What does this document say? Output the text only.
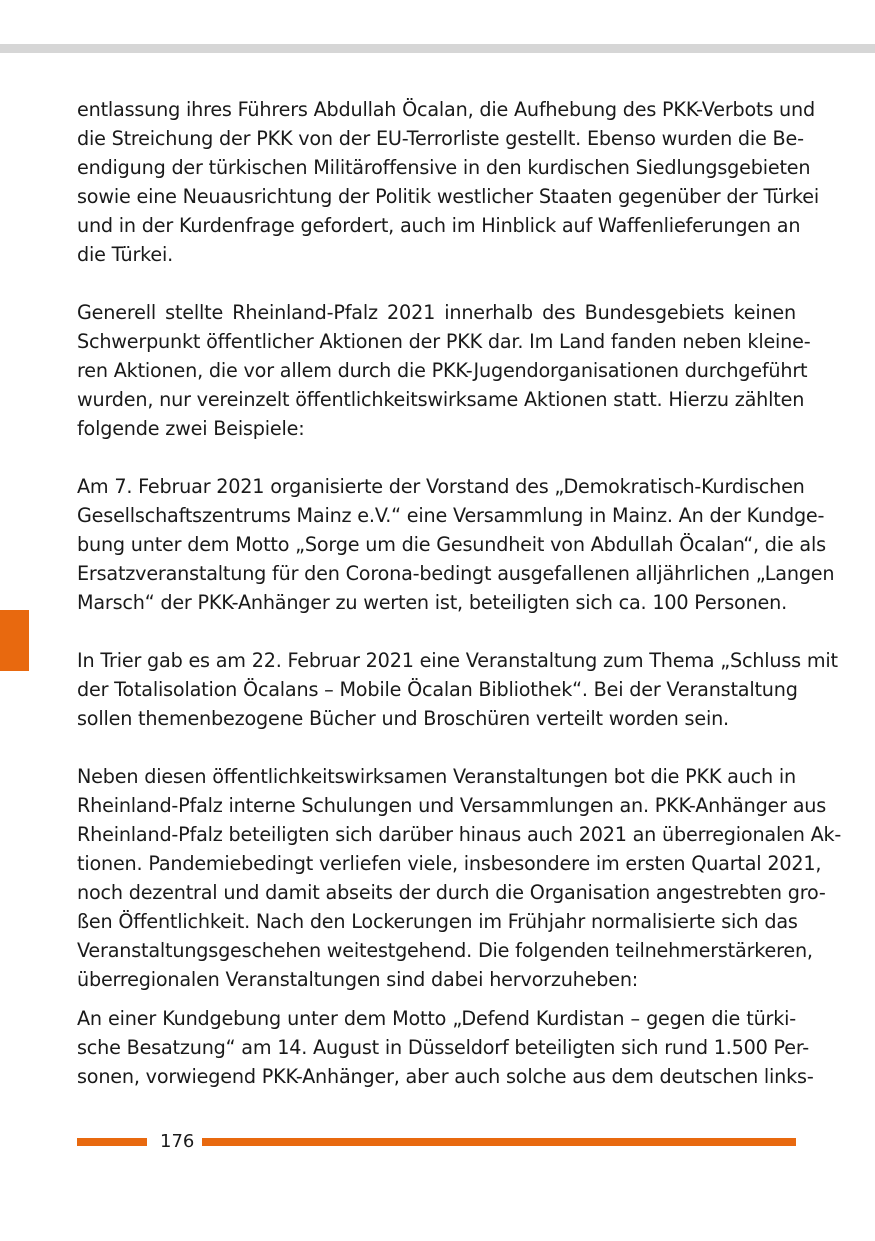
entlassung ihres Führers Abdullah Öcalan, die Aufhebung des PKK-Verbots und
die Streichung der PKK von der EU-Terrorliste gestellt. Ebenso wurden die Be-
endigung der türkischen Militäroffensive in den kurdischen Siedlungsgebieten
sowie eine Neuausrichtung der Politik westlicher Staaten gegenüber der Türkei
und in der Kurdenfrage gefordert, auch im Hinblick auf Waffenlieferungen an
die Türkei.
Generell stellte Rheinland-Pfalz 2021 innerhalb des Bundesgebiets keinen
Schwerpunkt öffentlicher Aktionen der PKK dar. Im Land fanden neben kleine-
ren Aktionen, die vor allem durch die PKK-Jugendorganisationen durchgeführt
wurden, nur vereinzelt öffentlichkeitswirksame Aktionen statt. Hierzu zählten
folgende zwei Beispiele:
Am 7. Februar 2021 organisierte der Vorstand des „Demokratisch-Kurdischen
Gesellschaftszentrums Mainz e.V.“ eine Versammlung in Mainz. An der Kundge-
bung unter dem Motto „Sorge um die Gesundheit von Abdullah Öcalan“, die als
Ersatzveranstaltung für den Corona-bedingt ausgefallenen alljährlichen „Langen
Marsch“ der PKK-Anhänger zu werten ist, beteiligten sich ca. 100 Personen.
In Trier gab es am 22. Februar 2021 eine Veranstaltung zum Thema „Schluss mit
der Totalisolation Öcalans – Mobile Öcalan Bibliothek“. Bei der Veranstaltung
sollen themenbezogene Bücher und Broschüren verteilt worden sein.
Neben diesen öffentlichkeitswirksamen Veranstaltungen bot die PKK auch in
Rheinland-Pfalz interne Schulungen und Versammlungen an. PKK-Anhänger aus
Rheinland-Pfalz beteiligten sich darüber hinaus auch 2021 an überregionalen Ak-
tionen. Pandemiebedingt verliefen viele, insbesondere im ersten Quartal 2021,
noch dezentral und damit abseits der durch die Organisation angestrebten gro-
ßen Öffentlichkeit. Nach den Lockerungen im Frühjahr normalisierte sich das
Veranstaltungsgeschehen weitestgehend. Die folgenden teilnehmerstärkeren,
überregionalen Veranstaltungen sind dabei hervorzuheben:
An einer Kundgebung unter dem Motto „Defend Kurdistan – gegen die türki-
sche Besatzung“ am 14. August in Düsseldorf beteiligten sich rund 1.500 Per-
sonen, vorwiegend PKK-Anhänger, aber auch solche aus dem deutschen links-
176
